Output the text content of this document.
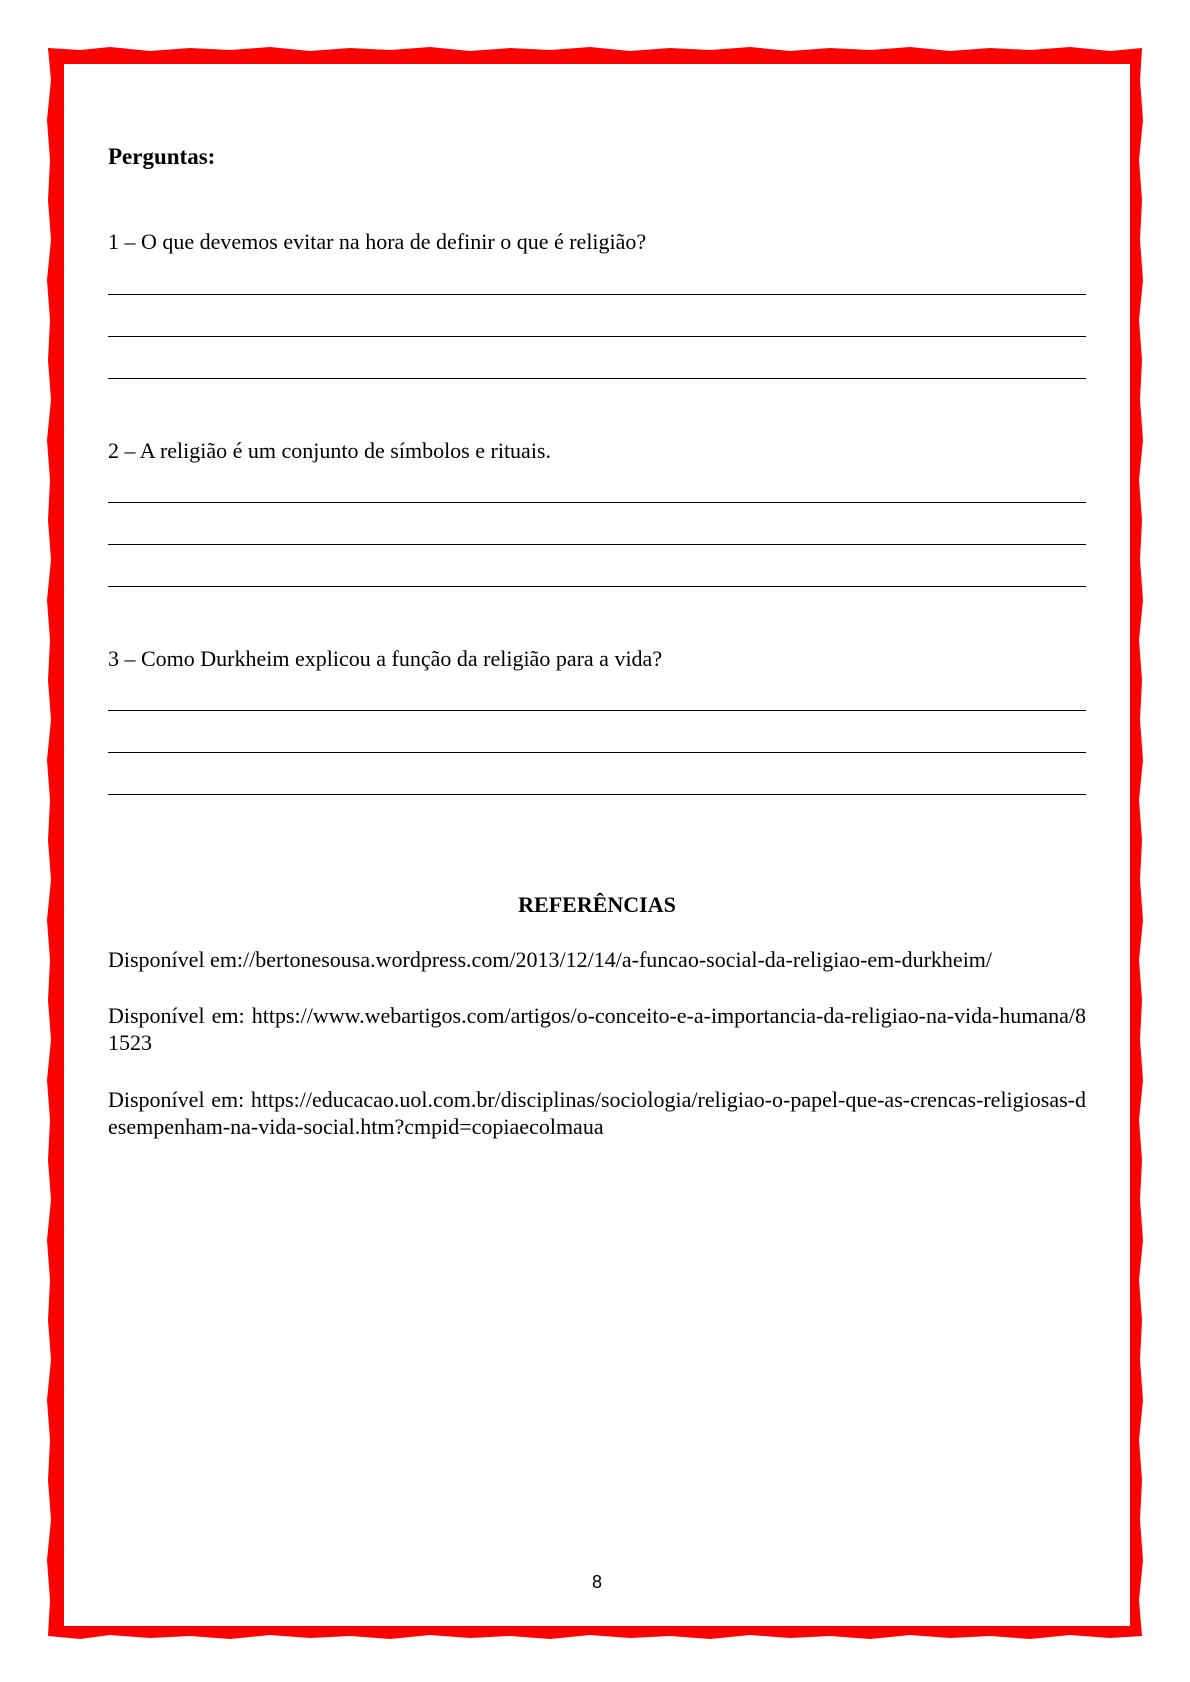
Perguntas:

1 – O que devemos evitar na hora de definir o que é religião?

2 – A religião é um conjunto de símbolos e rituais.

3 – Como Durkheim explicou a função da religião para a vida?

REFERÊNCIAS

Disponível em://bertonesousa.wordpress.com/2013/12/14/a-funcao-social-da-religiao-em-durkheim/

Disponível em: https://www.webartigos.com/artigos/o-conceito-e-a-importancia-da-religiao-na-vida-humana/81523

Disponível em: https://educacao.uol.com.br/disciplinas/sociologia/religiao-o-papel-que-as-crencas-religiosas-desempenham-na-vida-social.htm?cmpid=copiaecolmaua

8
